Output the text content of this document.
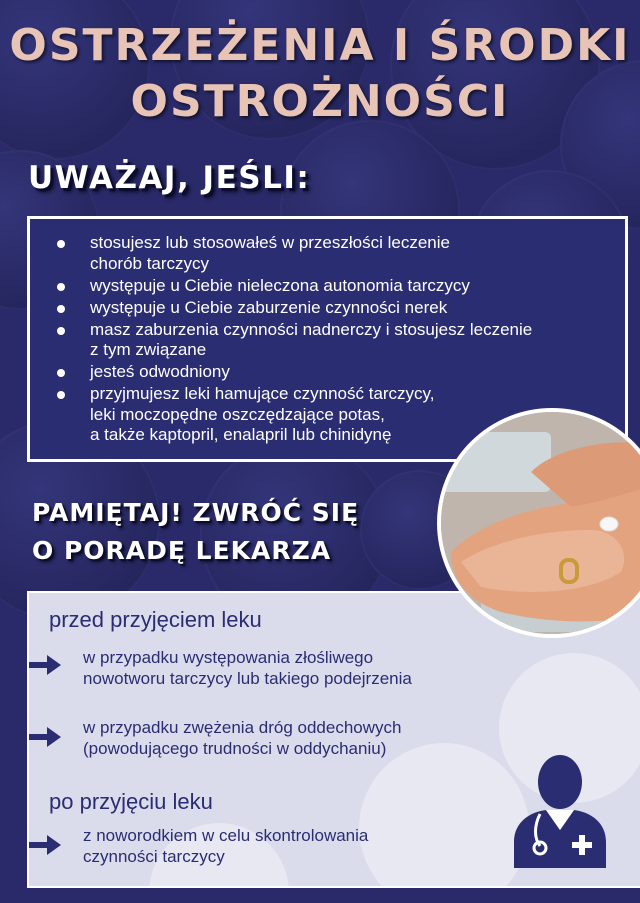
OSTRZEŻENIA I ŚRODKI
OSTROŻNOŚCI
UWAŻAJ, JEŚLI:
stosujesz lub stosowałeś w przeszłości leczenie
chorób tarczycy
występuje u Ciebie nieleczona autonomia tarczycy
występuje u Ciebie zaburzenie czynności nerek
masz zaburzenia czynności nadnerczy i stosujesz leczenie
z tym związane
jesteś odwodniony
przyjmujesz leki hamujące czynność tarczycy,
leki moczopędne oszczędzające potas,
a także kaptopril, enalapril lub chinidynę
PAMIĘTAJ! ZWRÓĆ SIĘ
O PORADĘ LEKARZA
przed przyjęciem leku
w przypadku występowania złośliwego
nowotworu tarczycy lub takiego podejrzenia
w przypadku zwężenia dróg oddechowych
(powodującego trudności w oddychaniu)
po przyjęciu leku
z noworodkiem w celu skontrolowania
czynności tarczycy
